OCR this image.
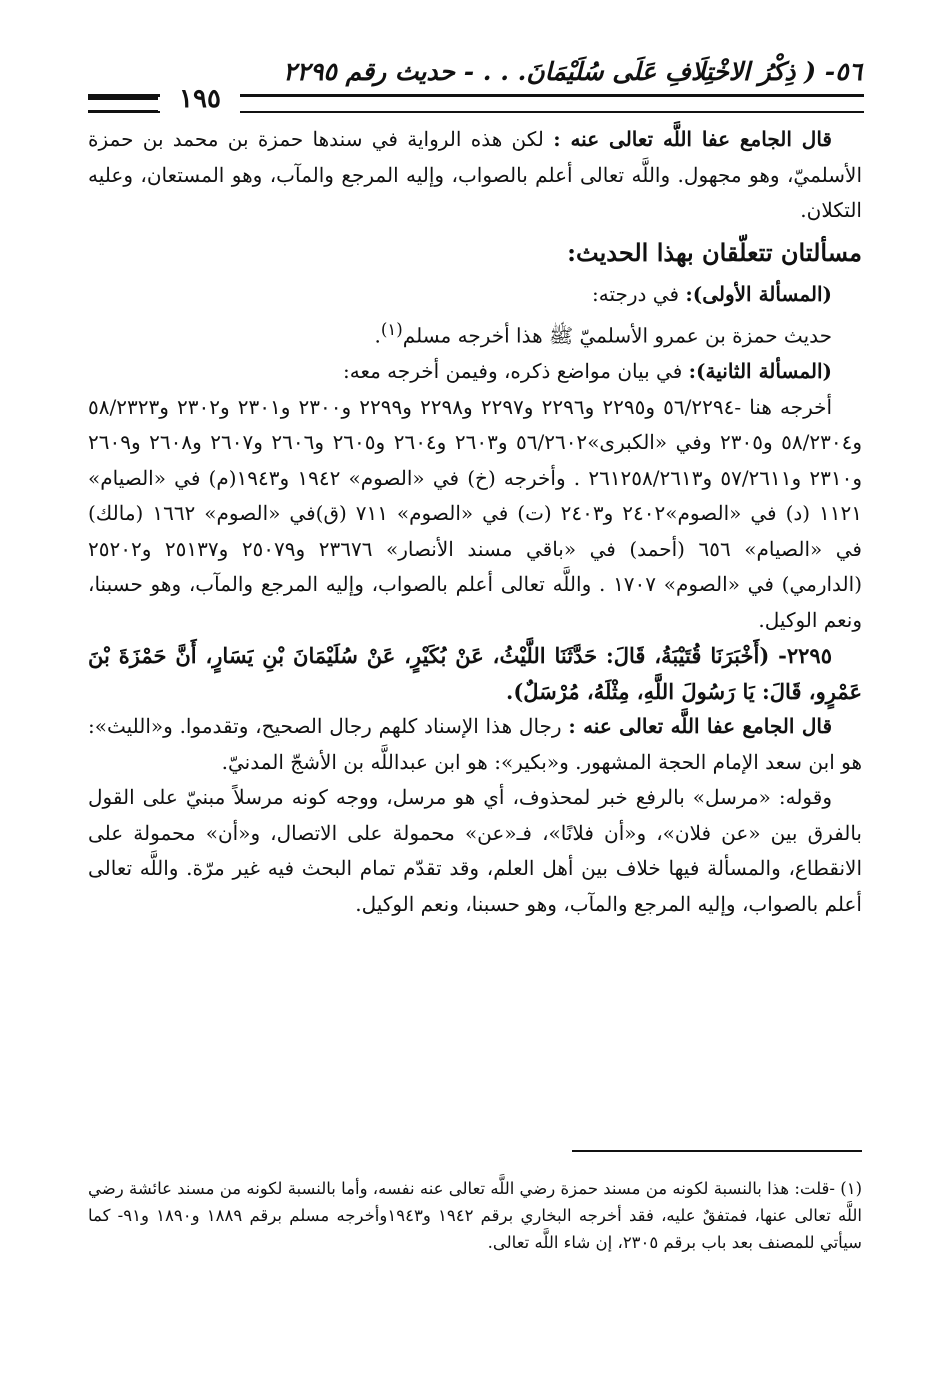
٥٦- ( ذِكْرُ الاخْتِلَافِ عَلَى سُلَيْمَانَ. . . - حديث رقم ٢٢٩٥
١٩٥

قال الجامع عفا اللَّه تعالى عنه : لكن هذه الرواية في سندها حمزة بن محمد بن حمزة الأسلميّ، وهو مجهول. واللَّه تعالى أعلم بالصواب، وإليه المرجع والمآب، وهو المستعان، وعليه التكلان.

مسألتان تتعلّقان بهذا الحديث:

(المسألة الأولى): في درجته:

حديث حمزة بن عمرو الأسلميّ ﷺ هذا أخرجه مسلم$^{(١)}$.

(المسألة الثانية): في بيان مواضع ذكره، وفيمن أخرجه معه:

أخرجه هنا -٥٦/٢٢٩٤ و٢٢٩٥ و٢٢٩٦ و٢٢٩٧ و٢٢٩٨ و٢٢٩٩ و٢٣٠٠ و٢٣٠١ و٢٣٠٢ و٥٨/٢٣٢٣ و٥٨/٢٣٠٤ و٢٣٠٥ وفي «الكبرى»٥٦/٢٦٠٢ و٢٦٠٣ و٢٦٠٤ و٢٦٠٥ و٢٦٠٦ و٢٦٠٧ و٢٦٠٨ و٢٦٠٩ و٢٣١٠ و٥٧/٢٦١١ و٢٦١٢٥٨/٢٦١٣ . وأخرجه (خ) في «الصوم» ١٩٤٢ و١٩٤٣(م) في «الصيام» ١١٢١ (د) في «الصوم»٢٤٠٢ و٢٤٠٣ (ت) في «الصوم» ٧١١ (ق)في «الصوم» ١٦٦٢ (مالك) في «الصيام» ٦٥٦ (أحمد) في «باقي مسند الأنصار» ٢٣٦٧٦ و٢٥٠٧٩ و٢٥١٣٧ و٢٥٢٠٢ (الدارمي) في «الصوم» ١٧٠٧ . واللَّه تعالى أعلم بالصواب، وإليه المرجع والمآب، وهو حسبنا، ونعم الوكيل.

٢٢٩٥- (أَخْبَرَنَا قُتَيْبَةُ، قَالَ: حَدَّثَنَا اللَّيْثُ، عَنْ بُكَيْرٍ، عَنْ سُلَيْمَانَ بْنِ يَسَارٍ، أَنَّ حَمْزَةَ بْنَ عَمْرٍو، قَالَ: يَا رَسُولَ اللَّهِ، مِثْلَهُ، مُرْسَلٌ).

قال الجامع عفا اللَّه تعالى عنه : رجال هذا الإسناد كلهم رجال الصحيح، وتقدموا. و«الليث»: هو ابن سعد الإمام الحجة المشهور. و«بكير»: هو ابن عبداللَّه بن الأشجّ المدنيّ.

وقوله: «مرسل» بالرفع خبر لمحذوف، أي هو مرسل، ووجه كونه مرسلاً مبنيّ على القول بالفرق بين «عن فلان»، و«أن فلانًا»، فـ«عن» محمولة على الاتصال، و«أن» محمولة على الانقطاع، والمسألة فيها خلاف بين أهل العلم، وقد تقدّم تمام البحث فيه غير مرّة. واللَّه تعالى أعلم بالصواب، وإليه المرجع والمآب، وهو حسبنا، ونعم الوكيل.

(١) -قلت: هذا بالنسبة لكونه من مسند حمزة رضي اللَّه تعالى عنه نفسه، وأما بالنسبة لكونه من مسند عائشة رضي اللَّه تعالى عنها، فمتفقٌ عليه، فقد أخرجه البخاري برقم ١٩٤٢ و١٩٤٣وأخرجه مسلم برقم ١٨٨٩ و١٨٩٠ و٩١- كما سيأتي للمصنف بعد باب برقم ٢٣٠٥، إن شاء اللَّه تعالى.
